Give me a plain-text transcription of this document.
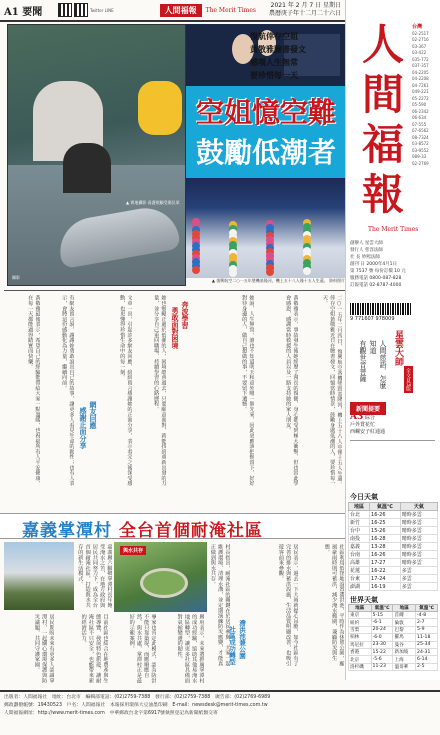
A1 要聞	Twitter LINE	人間福報	The Merit Times
2021 年 2 月 7 日 星期日
農曆庚子年十二月二十六日
▲ 實地攝影 看護照顧受傷民眾
攝影
復航倖存空姐
黃敬雅臉書發文
感嘆人生無常
要珍惜每一天
空姐憶空難
鼓勵低潮者
▲ 復興航空二○一五年墜機基隆河，機上五十八人僅十五人生還。 資料照片
二○一五年二月四日，復興航空客機墜毀基隆河，機上五十八人中僅十五人生還。倖存空姐黃敬雅近日在臉書發文，回憶當時情景，鼓勵身處低潮的人，要珍惜每一天。
黃敬雅表示，事故發生後她經歷了漫長的復健，身心都受到極大衝擊，但也因此學會感恩，感謝當時救援的人員以及一路支持她的家人朋友。
她說，人生無常，誰也不知道明天和意外哪一個先來，因此更應該把握當下，好好對待身邊的人，做自己想做的事，不要留下遺憾。
奔波學習
勇敢面對困境
她也勉勵正處於低潮的人，困境總會過去，只要願意面對，就能找到重新出發的力量，並分享自己重回職場、持續學習的心路歷程。
文章一出，引起許多網友回應，紛紛留言感謝她的正面分享，表示看完之後深受感動，也更懂得珍惜生命中的每一刻。
網友回應
感謝正面分享
有網友留言說，謝謝妳勇敢說出自己的故事，讓更多人看見生命的韌性；也有人表示，會將這份感動化為力量，繼續向前。
黃敬雅最後表示，希望自己的經驗能帶給大家一點溫暖，也祝福所有人平安健康，在每一天都能過得踏實而快樂。
嘉義掌潭村 全台首個耐淹社區
與水共存
嘉義縣六腳鄉掌潭村長年飽受淹水之苦，在地方政府與居民共同努力下，成為全台首個耐淹社區，打造與水共存的新生活模式。	社區利用低窪地設置滯洪池，平時作為休憩公園，颱風豪雨時則可蓄洪，減少淹水範圍，兼顧防災與生態。
居民表示，過去一下大雨就提心吊膽，如今社區有了完善的排水與蓄洪設施，生活品質明顯改善，也吸引遊客前來參觀。
滯洪池兼公園
社區成功轉型
村長指出，耐淹社區的關鍵在於居民參與，大家一起維護環境、清理水溝，並定期演練防災應變，才能真正做到與水共存。
縣府表示，未來將推廣掌潭村的成功經驗，協助其他易淹水地區轉型，讓更多社區具備面對氣候變遷的韌性。
專家也肯定此模式，認為防洪不能只靠築堤，而應順應自然、與水共處，掌潭村正是最好的示範案例。
目前社區也結合在地農產與生態導覽，發展特色旅遊，讓耐淹社區不只安全，也能帶來新的經濟活力。
居民期盼未來有更多人認識掌潭村，一起關心環境保護與防災議題，共同守護家園。
人
間
福
報
The Merit Times
創辦人 星雲大師
發行人 慈容法師
社 長 妙熙法師
創刊 日 2000年4月1日
第 7537 號 每份訂價 10 元
服務電話 0800-087-828
訂報電話 02-8787-4000
9 771607 978009
台灣
02-2517
02-2716
03-367
03-422
035-772
037-357
04-2205
04-2208
04-7261
049-221
05-2272
05-590
06-2342
06-634
07-555
07-6562
08-7324
03-8572
03-9552
089-33
02-2769
星雲大師
人間慈語．怎麼知道
有觀世音菩薩	全文見3版
新聞提要
A3 綜合
戶外賞花忙
西螺安子紅通通
今日天氣
地區	氣溫℃	天氣
台北	16-26	晴時多雲
新竹	16-25	晴時多雲
台中	15-26	晴時多雲
南投	16-28	晴時多雲
嘉義	13-28	晴時多雲
台南	16-26	晴時多雲
高雄	17-27	晴時多雲
花蓮	16-22	多雲
台東	17-24	多雲
澎湖	16-19	多雲
世界天氣
地區	氣溫℃	地區	氣溫℃
東京	5-15	首爾	-4-8
紐約	-6-1	倫敦	2-7
雪梨	20-24	巴黎	5-9
柏林	-6-0	羅馬	11-18
馬尼拉	23-30	曼谷	25-34
香港	15-22	新加坡	24-31
北京	-5-6	上海	6-14
洛杉磯	11-23	溫哥華	2-5
出版者：人間福報社　地址：台北市　編輯部電話：(02)2759-7388　發行部：(02)2759-7388　廣告部：(02)2769-6989
郵政劃撥帳號：19430523　戶名：人間福報社　本報採用環保大豆油墨印刷　E-mail：newsdesk@merit-times.com.tw
人間福報網址：http://www.merit-times.com　中華郵政台北字第6917號執照登記為新聞紙類交寄
